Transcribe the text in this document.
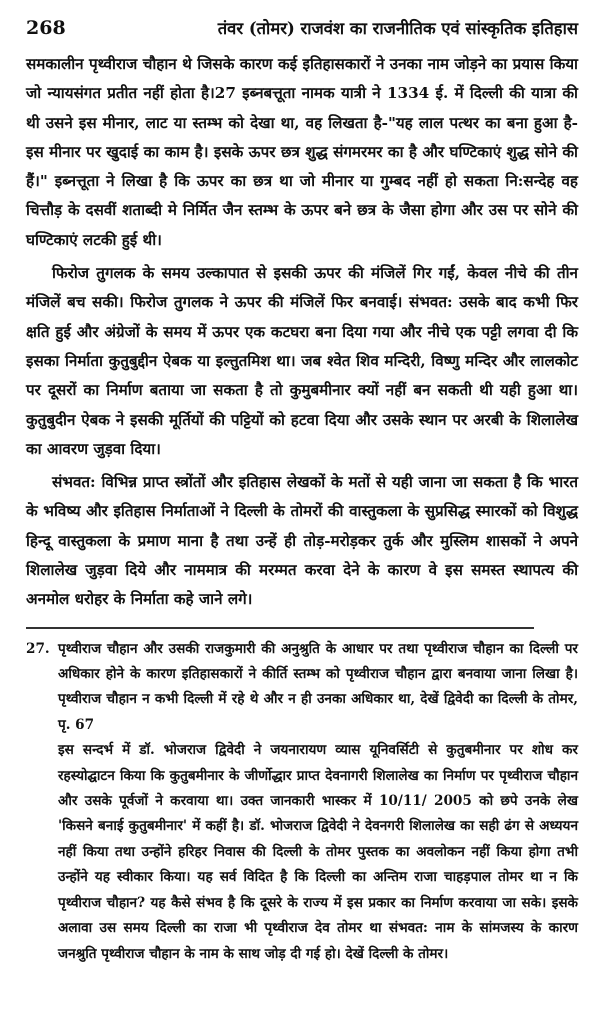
268	तंवर (तोमर) राजवंश का राजनीतिक एवं सांस्कृतिक इतिहास

समकालीन पृथ्वीराज चौहान थे जिसके कारण कई इतिहासकारों ने उनका नाम जोड़ने का प्रयास किया जो न्यायसंगत प्रतीत नहीं होता है।27 इब्नबत्तूता नामक यात्री ने 1334 ई. में दिल्ली की यात्रा की थी उसने इस मीनार, लाट या स्तम्भ को देखा था, वह लिखता है-"यह लाल पत्थर का बना हुआ है-इस मीनार पर खुदाई का काम है। इसके ऊपर छत्र शुद्ध संगमरमर का है और घण्टिकाएं शुद्ध सोने की हैं।" इब्नत्तूता ने लिखा है कि ऊपर का छत्र था जो मीनार या गुम्बद नहीं हो सकता नि:सन्देह वह चित्तौड़ के दसवीं शताब्दी मे निर्मित जैन स्तम्भ के ऊपर बने छत्र के जैसा होगा और उस पर सोने की घण्टिकाएं लटकी हुई थी।

फिरोज तुगलक के समय उल्कापात से इसकी ऊपर की मंजिलें गिर गईं, केवल नीचे की तीन मंजिलें बच सकी। फिरोज तुगलक ने ऊपर की मंजिलें फिर बनवाई। संभवत: उसके बाद कभी फिर क्षति हुई और अंग्रेजों के समय में ऊपर एक कटघरा बना दिया गया और नीचे एक पट्टी लगवा दी कि इसका निर्माता कुतुबुद्दीन ऐबक या इल्तुतमिश था। जब श्वेत शिव मन्दिरी, विष्णु मन्दिर और लालकोट पर दूसरों का निर्माण बताया जा सकता है तो कुमुबमीनार क्यों नहीं बन सकती थी यही हुआ था। कुतुबुदीन ऐबक ने इसकी मूर्तियों की पट्टियों को हटवा दिया और उसके स्थान पर अरबी के शिलालेख का आवरण जुड़वा दिया।

संभवत: विभिन्न प्राप्त स्त्रोंतों और इतिहास लेखकों के मतों से यही जाना जा सकता है कि भारत के भविष्य और इतिहास निर्माताओं ने दिल्ली के तोमरों की वास्तुकला के सुप्रसिद्ध स्मारकों को विशुद्ध हिन्दू वास्तुकला के प्रमाण माना है तथा उन्हें ही तोड़-मरोड़कर तुर्क और मुस्लिम शासकों ने अपने शिलालेख जुड़वा दिये और नाममात्र की मरम्मत करवा देने के कारण वे इस समस्त स्थापत्य की अनमोल धरोहर के निर्माता कहे जाने लगे।

27. पृथ्वीराज चौहान और उसकी राजकुमारी की अनुश्रुति के आधार पर तथा पृथ्वीराज चौहान का दिल्ली पर अधिकार होने के कारण इतिहासकारों ने कीर्ति स्तम्भ को पृथ्वीराज चौहान द्वारा बनवाया जाना लिखा है। पृथ्वीराज चौहान न कभी दिल्ली में रहे थे और न ही उनका अधिकार था, देखें द्विवेदी का दिल्ली के तोमर, पृ. 67

इस सन्दर्भ में डॉ. भोजराज द्विवेदी ने जयनारायण व्यास यूनिवर्सिटी से कुतुबमीनार पर शोध कर रहस्योद्घाटन किया कि कुतुबमीनार के जीर्णोद्धार प्राप्त देवनागरी शिलालेख का निर्माण पर पृथ्वीराज चौहान और उसके पूर्वजों ने करवाया था। उक्त जानकारी भास्कर में 10/11/ 2005 को छपे उनके लेख 'किसने बनाई कुतुबमीनार' में कहीं है। डॉ. भोजराज द्विवेदी ने देवनगरी शिलालेख का सही ढंग से अध्ययन नहीं किया तथा उन्होंने हरिहर निवास की दिल्ली के तोमर पुस्तक का अवलोकन नहीं किया होगा तभी उन्होंने यह स्वीकार किया। यह सर्व विदित है कि दिल्ली का अन्तिम राजा चाहड़पाल तोमर था न कि पृथ्वीराज चौहान? यह कैसे संभव है कि दूसरे के राज्य में इस प्रकार का निर्माण करवाया जा सके। इसके अलावा उस समय दिल्ली का राजा भी पृथ्वीराज देव तोमर था संभवत: नाम के सांमजस्य के कारण जनश्रुति पृथ्वीराज चौहान के नाम के साथ जोड़ दी गई हो। देखें दिल्ली के तोमर।
